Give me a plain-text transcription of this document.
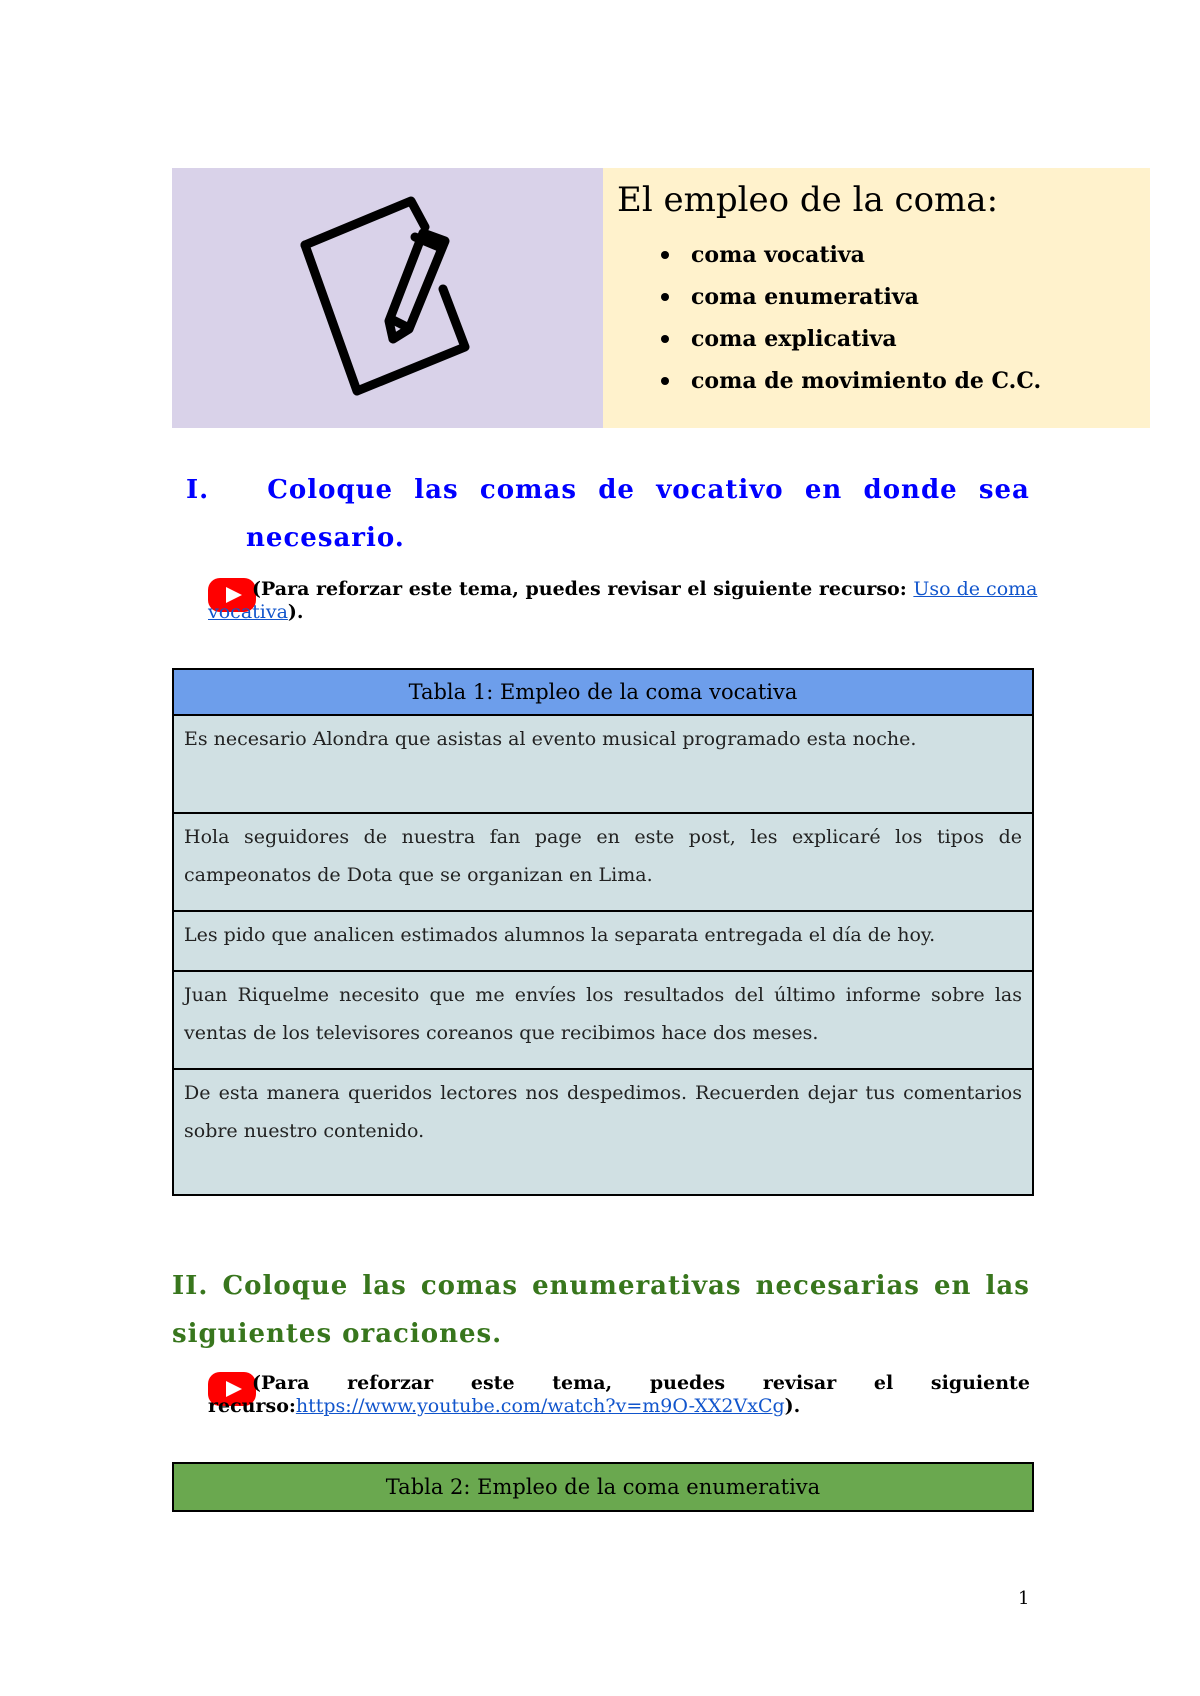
El empleo de la coma:
coma vocativa
coma enumerativa
coma explicativa
coma de movimiento de C.C.
I.	Coloque las comas de vocativo en donde sea
necesario.
(Para reforzar este tema, puedes revisar el siguiente recurso: Uso de coma
vocativa).
Tabla 1: Empleo de la coma vocativa
Es necesario Alondra que asistas al evento musical programado esta noche.
Hola seguidores de nuestra fan page en este post, les explicaré los tipos de campeonatos de Dota que se organizan en Lima.
Les pido que analicen estimados alumnos la separata entregada el día de hoy.
Juan Riquelme necesito que me envíes los resultados del último informe sobre las ventas de los televisores coreanos que recibimos hace dos meses.
De esta manera queridos lectores nos despedimos. Recuerden dejar tus comentarios sobre nuestro contenido.
II. Coloque las comas enumerativas necesarias en las
siguientes oraciones.
(Para reforzar este tema, puedes revisar el siguiente
recurso:https://www.youtube.com/watch?v=m9O-XX2VxCg).
Tabla 2: Empleo de la coma enumerativa
1
